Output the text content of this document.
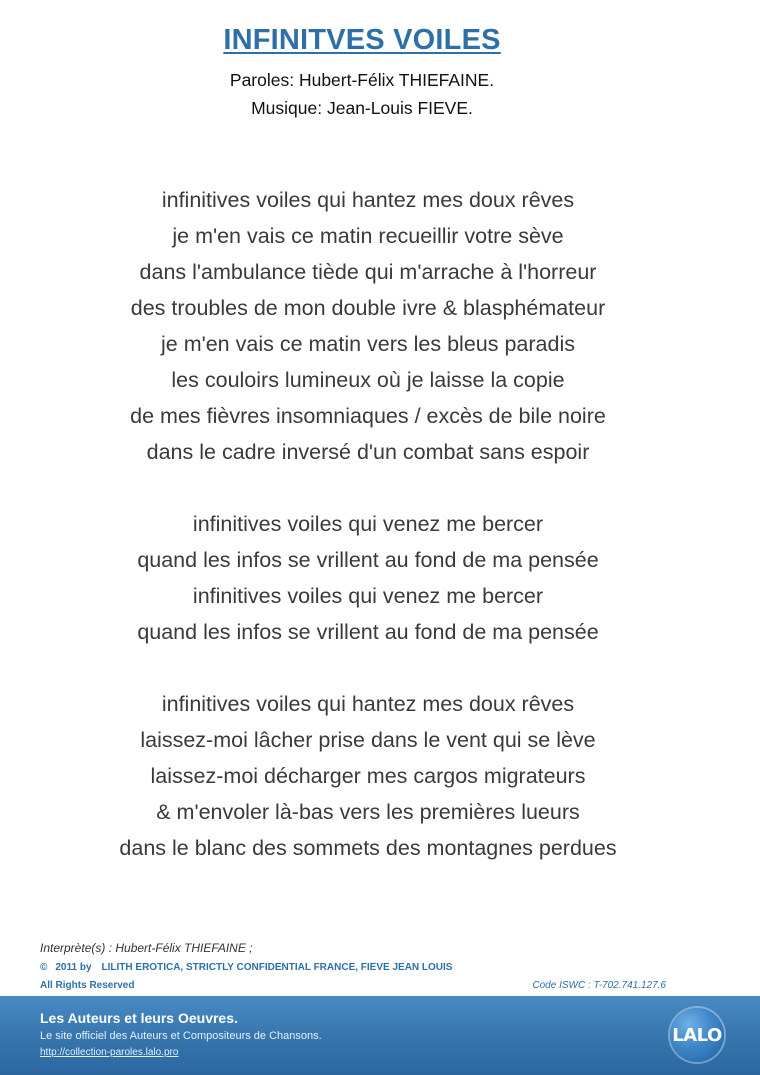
INFINITVES VOILES
Paroles: Hubert-Félix THIEFAINE.
Musique: Jean-Louis FIEVE.
infinitives voiles qui hantez mes doux rêves
je m'en vais ce matin recueillir votre sève
dans l'ambulance tiède qui m'arrache à l'horreur
des troubles de mon double ivre & blasphémateur
je m'en vais ce matin vers les bleus paradis
les couloirs lumineux où je laisse la copie
de mes fièvres insomniaques / excès de bile noire
dans le cadre inversé d'un combat sans espoir
infinitives voiles qui venez me bercer
quand les infos se vrillent au fond de ma pensée
infinitives voiles qui venez me bercer
quand les infos se vrillent au fond de ma pensée
infinitives voiles qui hantez mes doux rêves
laissez-moi lâcher prise dans le vent qui se lève
laissez-moi décharger mes cargos migrateurs
& m'envoler là-bas vers les premières lueurs
dans le blanc des sommets des montagnes perdues
Interprète(s) : Hubert-Félix THIEFAINE ;
© 2011 by LILITH EROTICA, STRICTLY CONFIDENTIAL FRANCE, FIEVE JEAN LOUIS
All Rights Reserved	Code ISWC : T-702.741.127.6
Les Auteurs et leurs Oeuvres.
Le site officiel des Auteurs et Compositeurs de Chansons.
http://collection-paroles.lalo.pro
LALO
